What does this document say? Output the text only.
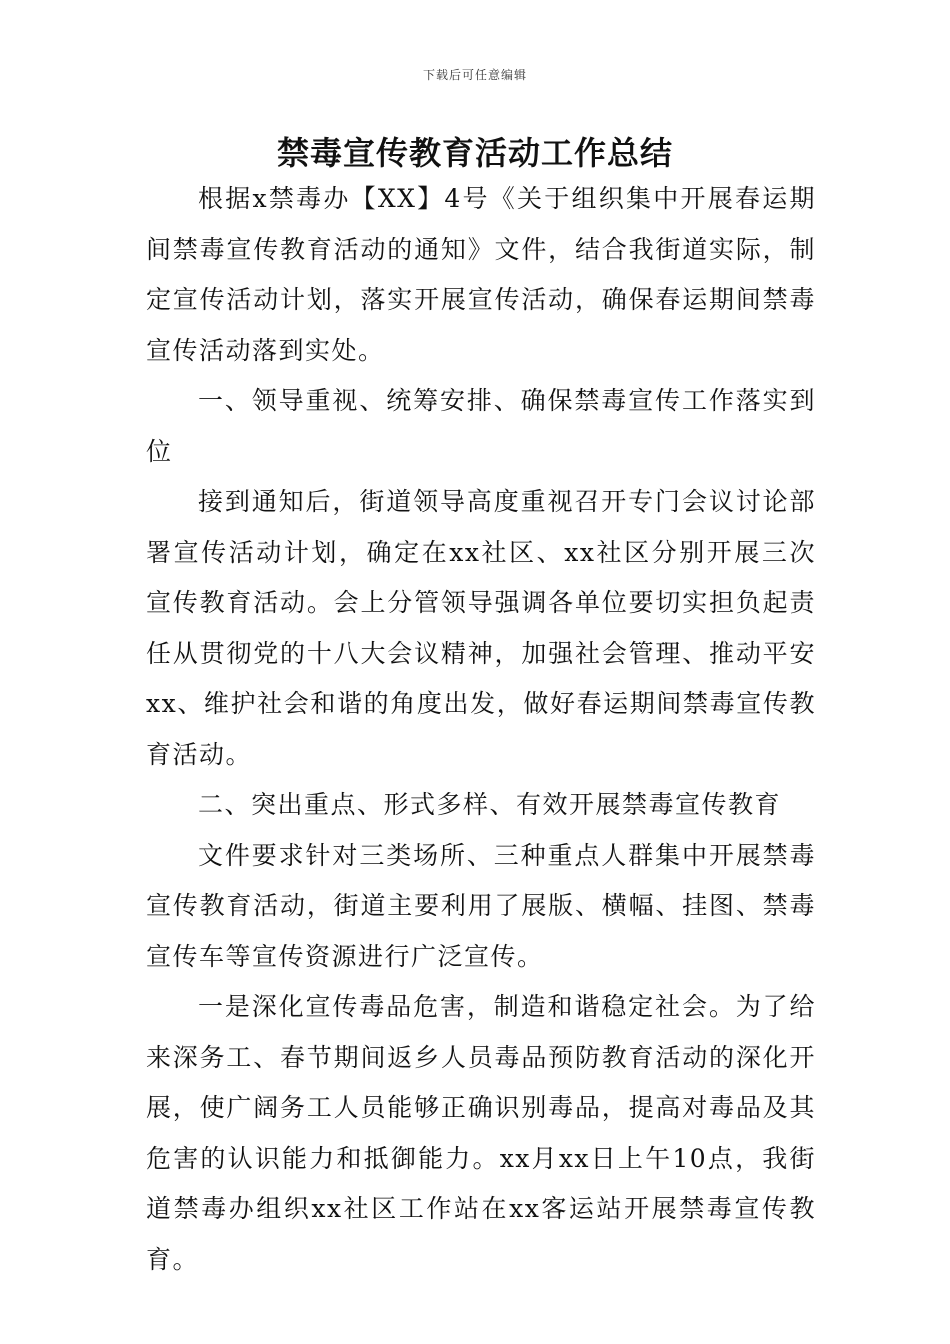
下载后可任意编辑
禁毒宣传教育活动工作总结

根据x禁毒办【XX】4号《关于组织集中开展春运期间禁毒宣传教育活动的通知》文件，结合我街道实际，制定宣传活动计划，落实开展宣传活动，确保春运期间禁毒宣传活动落到实处。

一、领导重视、统筹安排、确保禁毒宣传工作落实到位

接到通知后，街道领导高度重视召开专门会议讨论部署宣传活动计划，确定在xx社区、xx社区分别开展三次宣传教育活动。会上分管领导强调各单位要切实担负起责任从贯彻党的十八大会议精神，加强社会管理、推动平安xx、维护社会和谐的角度出发，做好春运期间禁毒宣传教育活动。

二、突出重点、形式多样、有效开展禁毒宣传教育

文件要求针对三类场所、三种重点人群集中开展禁毒宣传教育活动，街道主要利用了展版、横幅、挂图、禁毒宣传车等宣传资源进行广泛宣传。

一是深化宣传毒品危害，制造和谐稳定社会。为了给来深务工、春节期间返乡人员毒品预防教育活动的深化开展，使广阔务工人员能够正确识别毒品，提高对毒品及其危害的认识能力和抵御能力。xx月xx日上午10点，我街道禁毒办组织xx社区工作站在xx客运站开展禁毒宣传教育。
